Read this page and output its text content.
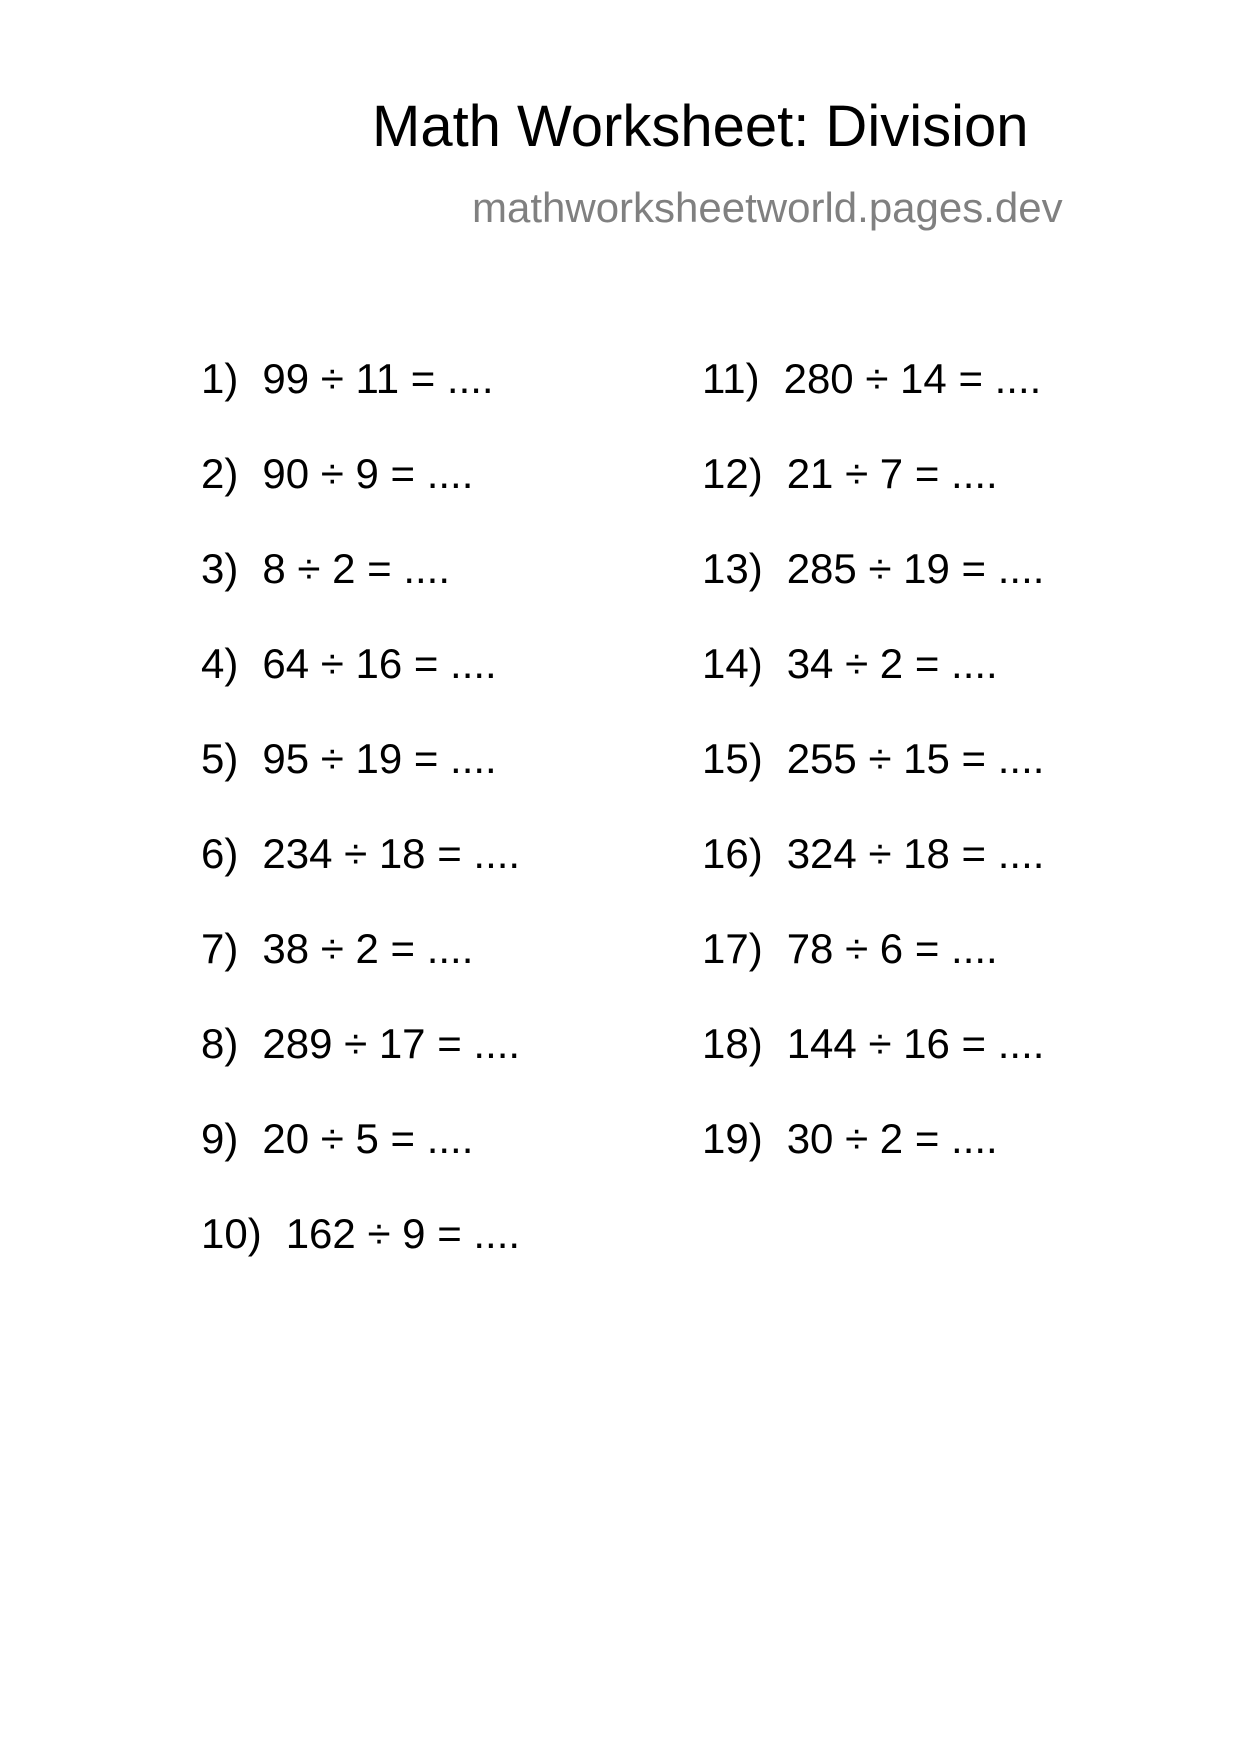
Math Worksheet: Division
mathworksheetworld.pages.dev
1) 99 ÷ 11 = ....
2) 90 ÷ 9 = ....
3) 8 ÷ 2 = ....
4) 64 ÷ 16 = ....
5) 95 ÷ 19 = ....
6) 234 ÷ 18 = ....
7) 38 ÷ 2 = ....
8) 289 ÷ 17 = ....
9) 20 ÷ 5 = ....
10) 162 ÷ 9 = ....
11) 280 ÷ 14 = ....
12) 21 ÷ 7 = ....
13) 285 ÷ 19 = ....
14) 34 ÷ 2 = ....
15) 255 ÷ 15 = ....
16) 324 ÷ 18 = ....
17) 78 ÷ 6 = ....
18) 144 ÷ 16 = ....
19) 30 ÷ 2 = ....
